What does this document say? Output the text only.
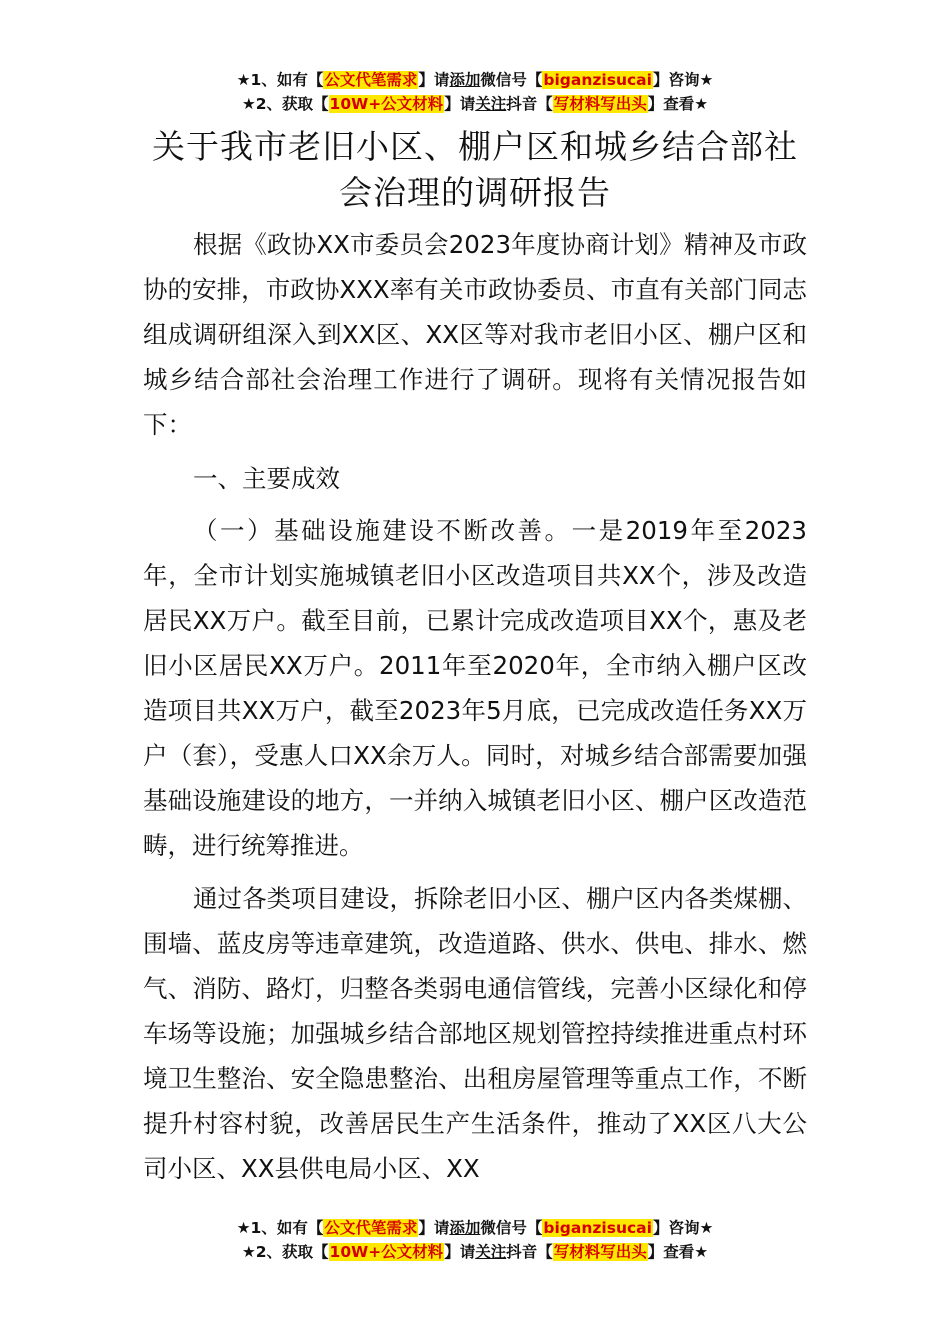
★1、如有【公文代笔需求】请添加微信号【biganzisucai】咨询★
★2、获取【10W+公文材料】请关注抖音【写材料写出头】查看★
关于我市老旧小区、棚户区和城乡结合部社会治理的调研报告
根据《政协XX市委员会2023年度协商计划》精神及市政协的安排，市政协XXX率有关市政协委员、市直有关部门同志组成调研组深入到XX区、XX区等对我市老旧小区、棚户区和城乡结合部社会治理工作进行了调研。现将有关情况报告如下：
一、主要成效
（一）基础设施建设不断改善。一是2019年至2023年，全市计划实施城镇老旧小区改造项目共XX个，涉及改造居民XX万户。截至目前，已累计完成改造项目XX个，惠及老旧小区居民XX万户。2011年至2020年，全市纳入棚户区改造项目共XX万户，截至2023年5月底，已完成改造任务XX万户（套），受惠人口XX余万人。同时，对城乡结合部需要加强基础设施建设的地方，一并纳入城镇老旧小区、棚户区改造范畴，进行统筹推进。
通过各类项目建设，拆除老旧小区、棚户区内各类煤棚、围墙、蓝皮房等违章建筑，改造道路、供水、供电、排水、燃气、消防、路灯，归整各类弱电通信管线，完善小区绿化和停车场等设施；加强城乡结合部地区规划管控持续推进重点村环境卫生整治、安全隐患整治、出租房屋管理等重点工作，不断提升村容村貌，改善居民生产生活条件，推动了XX区八大公司小区、XX县供电局小区、XX
★1、如有【公文代笔需求】请添加微信号【biganzisucai】咨询★
★2、获取【10W+公文材料】请关注抖音【写材料写出头】查看★
